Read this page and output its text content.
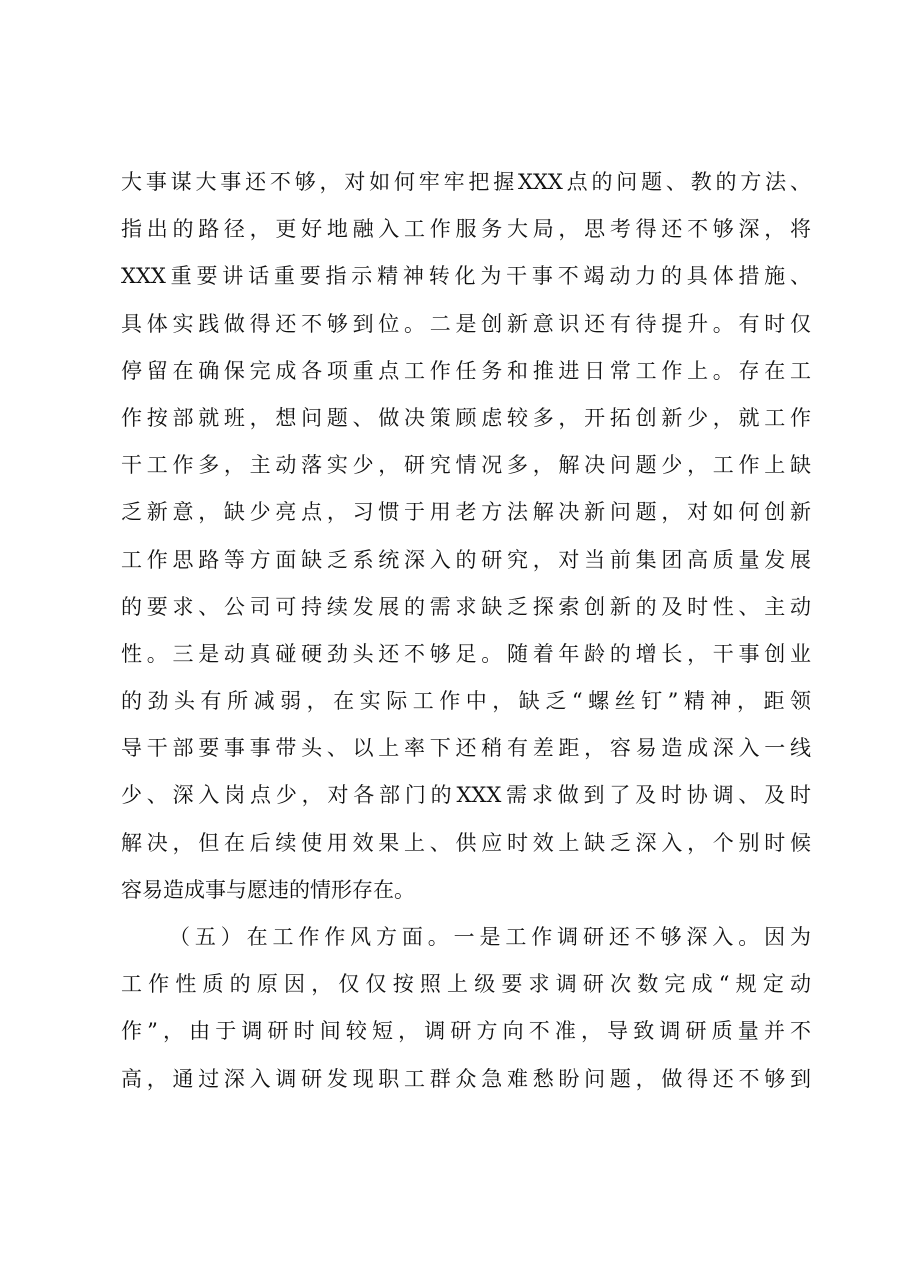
大事谋大事还不够，对如何牢牢把握XXX点的问题、教的方法、
指出的路径，更好地融入工作服务大局，思考得还不够深，将
XXX重要讲话重要指示精神转化为干事不竭动力的具体措施、
具体实践做得还不够到位。二是创新意识还有待提升。有时仅
停留在确保完成各项重点工作任务和推进日常工作上。存在工
作按部就班，想问题、做决策顾虑较多，开拓创新少，就工作
干工作多，主动落实少，研究情况多，解决问题少，工作上缺
乏新意，缺少亮点，习惯于用老方法解决新问题，对如何创新
工作思路等方面缺乏系统深入的研究，对当前集团高质量发展
的要求、公司可持续发展的需求缺乏探索创新的及时性、主动
性。三是动真碰硬劲头还不够足。随着年龄的增长，干事创业
的劲头有所减弱，在实际工作中，缺乏“螺丝钉”精神，距领
导干部要事事带头、以上率下还稍有差距，容易造成深入一线
少、深入岗点少，对各部门的XXX需求做到了及时协调、及时
解决，但在后续使用效果上、供应时效上缺乏深入，个别时候
容易造成事与愿违的情形存在。
（五）在工作作风方面。一是工作调研还不够深入。因为
工作性质的原因，仅仅按照上级要求调研次数完成“规定动
作”，由于调研时间较短，调研方向不准，导致调研质量并不
高，通过深入调研发现职工群众急难愁盼问题，做得还不够到
